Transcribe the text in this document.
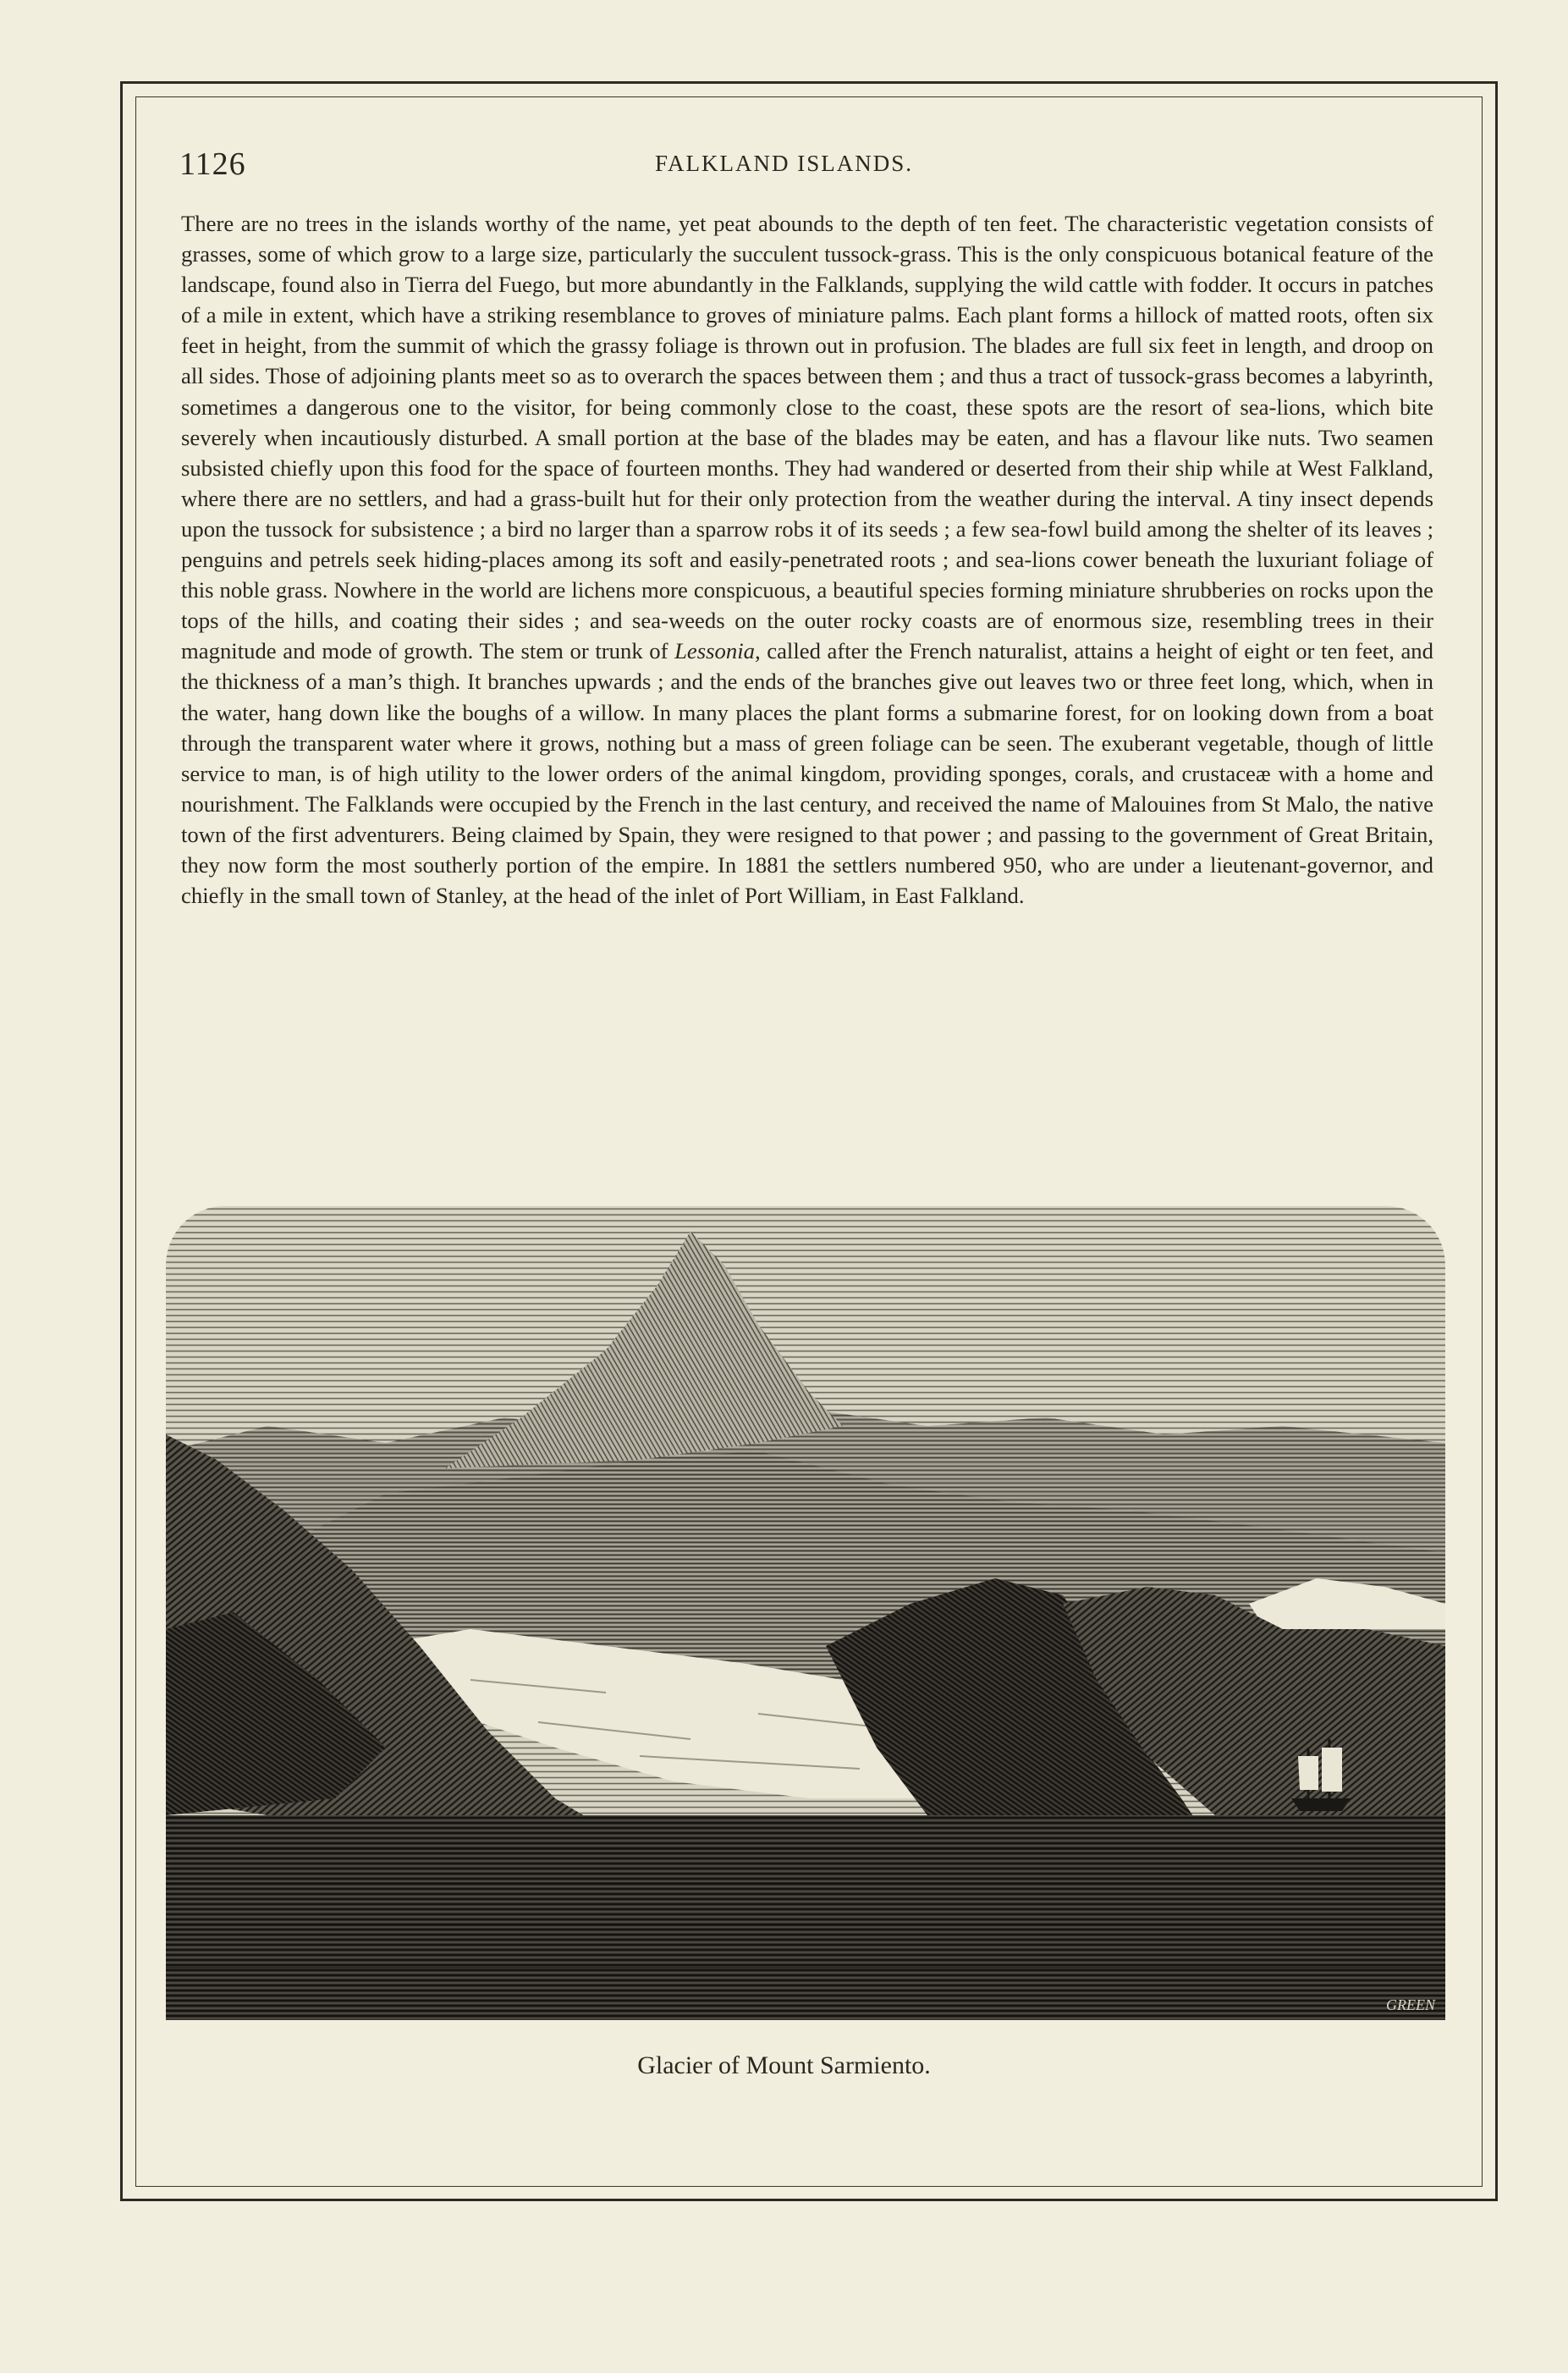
1126	FALKLAND ISLANDS.

There are no trees in the islands worthy of the name, yet peat abounds to the depth of ten feet. The characteristic vegetation consists of grasses, some of which grow to a large size, particularly the succulent tussock-grass. This is the only conspicuous botanical feature of the landscape, found also in Tierra del Fuego, but more abundantly in the Falklands, supplying the wild cattle with fodder. It occurs in patches of a mile in extent, which have a striking resemblance to groves of miniature palms. Each plant forms a hillock of matted roots, often six feet in height, from the summit of which the grassy foliage is thrown out in profusion. The blades are full six feet in length, and droop on all sides. Those of adjoining plants meet so as to overarch the spaces between them ; and thus a tract of tussock-grass becomes a labyrinth, sometimes a dangerous one to the visitor, for being commonly close to the coast, these spots are the resort of sea-lions, which bite severely when incautiously disturbed. A small portion at the base of the blades may be eaten, and has a flavour like nuts. Two seamen subsisted chiefly upon this food for the space of fourteen months. They had wandered or deserted from their ship while at West Falkland, where there are no settlers, and had a grass-built hut for their only protection from the weather during the interval. A tiny insect depends upon the tussock for subsistence ; a bird no larger than a sparrow robs it of its seeds ; a few sea-fowl build among the shelter of its leaves ; penguins and petrels seek hiding-places among its soft and easily-penetrated roots ; and sea-lions cower beneath the luxuriant foliage of this noble grass. Nowhere in the world are lichens more conspicuous, a beautiful species forming miniature shrubberies on rocks upon the tops of the hills, and coating their sides ; and sea-weeds on the outer rocky coasts are of enormous size, resembling trees in their magnitude and mode of growth. The stem or trunk of Lessonia, called after the French naturalist, attains a height of eight or ten feet, and the thickness of a man’s thigh. It branches upwards ; and the ends of the branches give out leaves two or three feet long, which, when in the water, hang down like the boughs of a willow. In many places the plant forms a submarine forest, for on looking down from a boat through the transparent water where it grows, nothing but a mass of green foliage can be seen. The exuberant vegetable, though of little service to man, is of high utility to the lower orders of the animal kingdom, providing sponges, corals, and crustaceæ with a home and nourishment. The Falklands were occupied by the French in the last century, and received the name of Malouines from St Malo, the native town of the first adventurers. Being claimed by Spain, they were resigned to that power ; and passing to the government of Great Britain, they now form the most southerly portion of the empire. In 1881 the settlers numbered 950, who are under a lieutenant-governor, and chiefly in the small town of Stanley, at the head of the inlet of Port William, in East Falkland.

GREEN
Glacier of Mount Sarmiento.
